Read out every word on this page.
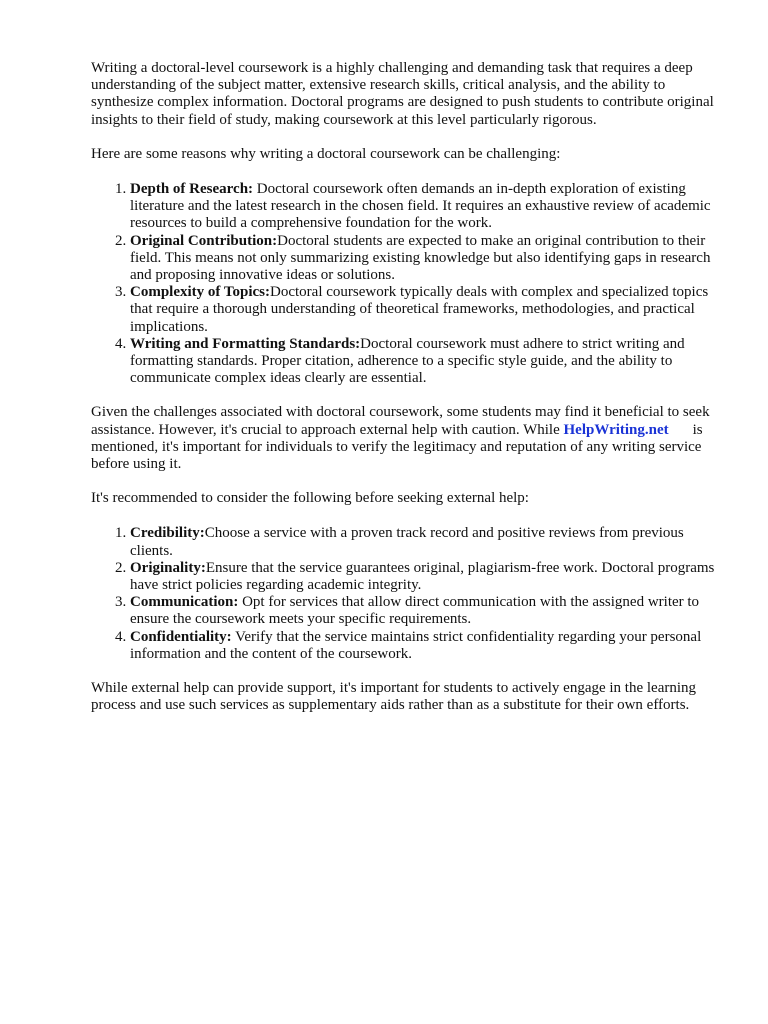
Writing a doctoral-level coursework is a highly challenging and demanding task that requires a deep understanding of the subject matter, extensive research skills, critical analysis, and the ability to synthesize complex information. Doctoral programs are designed to push students to contribute original insights to their field of study, making coursework at this level particularly rigorous.

Here are some reasons why writing a doctoral coursework can be challenging:

1. Depth of Research: Doctoral coursework often demands an in-depth exploration of existing literature and the latest research in the chosen field. It requires an exhaustive review of academic resources to build a comprehensive foundation for the work.
2. Original Contribution:Doctoral students are expected to make an original contribution to their field. This means not only summarizing existing knowledge but also identifying gaps in research and proposing innovative ideas or solutions.
3. Complexity of Topics:Doctoral coursework typically deals with complex and specialized topics that require a thorough understanding of theoretical frameworks, methodologies, and practical implications.
4. Writing and Formatting Standards:Doctoral coursework must adhere to strict writing and formatting standards. Proper citation, adherence to a specific style guide, and the ability to communicate complex ideas clearly are essential.

Given the challenges associated with doctoral coursework, some students may find it beneficial to seek assistance. However, it's crucial to approach external help with caution. While HelpWriting.net is mentioned, it's important for individuals to verify the legitimacy and reputation of any writing service before using it.

It's recommended to consider the following before seeking external help:

1. Credibility:Choose a service with a proven track record and positive reviews from previous clients.
2. Originality:Ensure that the service guarantees original, plagiarism-free work. Doctoral programs have strict policies regarding academic integrity.
3. Communication: Opt for services that allow direct communication with the assigned writer to ensure the coursework meets your specific requirements.
4. Confidentiality: Verify that the service maintains strict confidentiality regarding your personal information and the content of the coursework.

While external help can provide support, it's important for students to actively engage in the learning process and use such services as supplementary aids rather than as a substitute for their own efforts.
